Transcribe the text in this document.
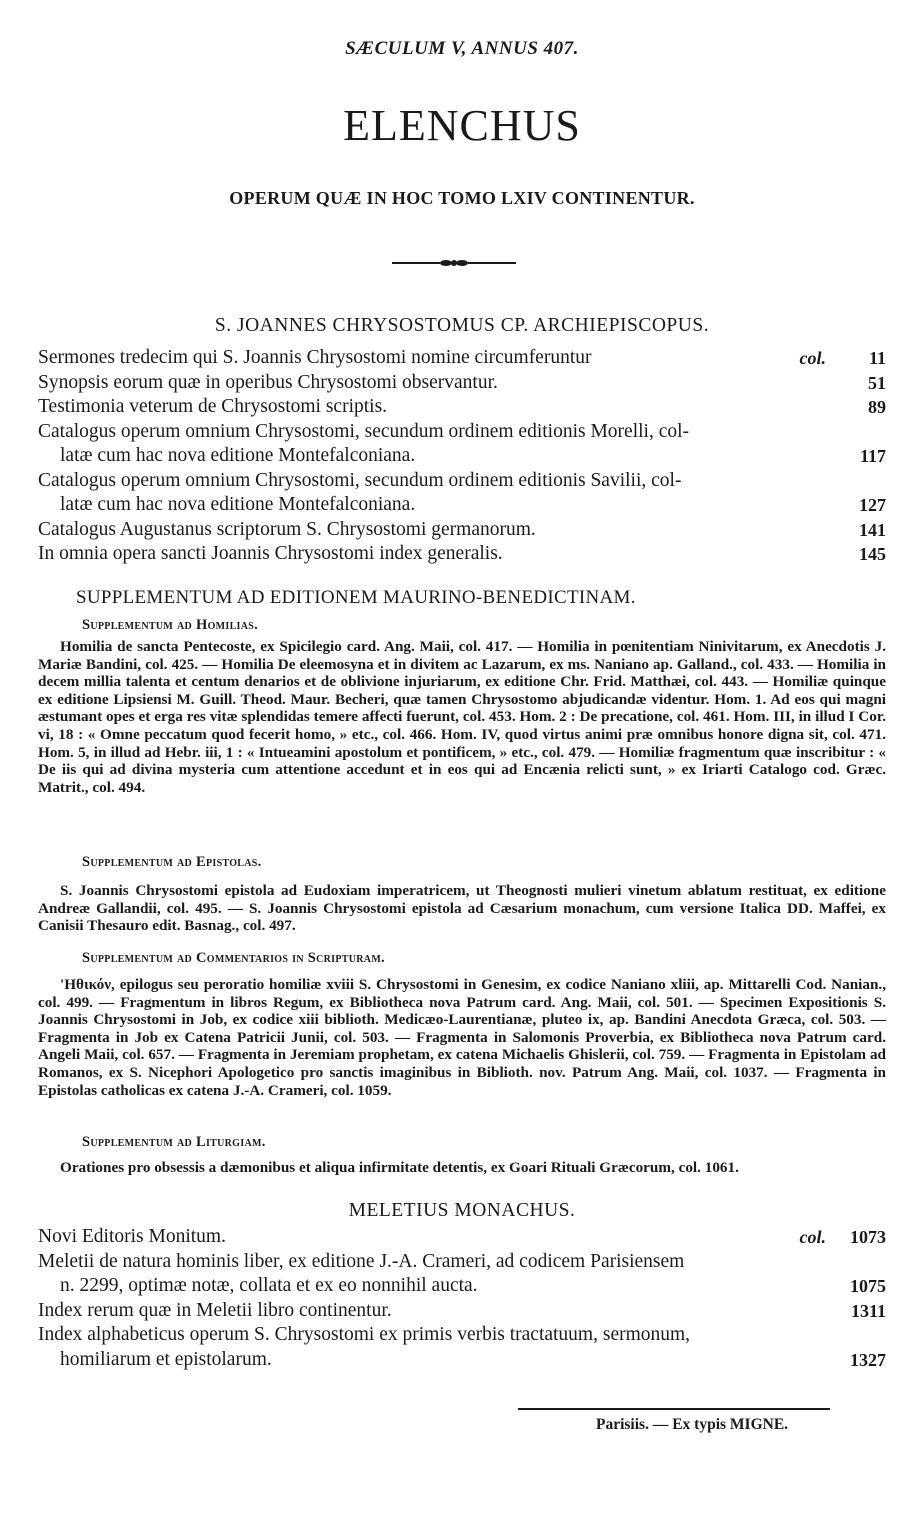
SÆCULUM V, ANNUS 407.
ELENCHUS
OPERUM QUÆ IN HOC TOMO LXIV CONTINENTUR.
S. JOANNES CHRYSOSTOMUS CP. ARCHIEPISCOPUS.
Sermones tredecim qui S. Joannis Chrysostomi nomine circumferuntur	col. 11
Synopsis eorum quæ in operibus Chrysostomi observantur.	51
Testimonia veterum de Chrysostomi scriptis.	89
Catalogus operum omnium Chrysostomi, secundum ordinem editionis Morelli, col-
latæ cum hac nova editione Montefalconiana.	117
Catalogus operum omnium Chrysostomi, secundum ordinem editionis Savilii, col-
latæ cum hac nova editione Montefalconiana.	127
Catalogus Augustanus scriptorum S. Chrysostomi germanorum.	141
In omnia opera sancti Joannis Chrysostomi index generalis.	145
SUPPLEMENTUM AD EDITIONEM MAURINO-BENEDICTINAM.
Supplementum ad Homilias.

Homilia de sancta Pentecoste, ex Spicilegio card. Ang. Maii, col. 417. — Homilia in pœnitentiam Ninivitarum, ex Anecdotis J. Mariæ Bandini, col. 425. — Homilia De eleemosyna et in divitem ac Lazarum, ex ms. Naniano ap. Galland., col. 433. — Homilia in decem millia talenta et centum denarios et de oblivione injuriarum, ex editione Chr. Frid. Matthæi, col. 443. — Homiliæ quinque ex editione Lipsiensi M. Guill. Theod. Maur. Becheri, quæ tamen Chrysostomo abjudicandæ videntur. Hom. 1. Ad eos qui magni æstumant opes et erga res vitæ splendidas temere affecti fuerunt, col. 453. Hom. 2 : De precatione, col. 461. Hom. III, in illud I Cor. vi, 18 : « Omne peccatum quod fecerit homo, » etc., col. 466. Hom. IV, quod virtus animi præ omnibus honore digna sit, col. 471. Hom. 5, in illud ad Hebr. iii, 1 : « Intueamini apostolum et pontificem, » etc., col. 479. — Homiliæ fragmentum quæ inscribitur : « De iis qui ad divina mysteria cum attentione accedunt et in eos qui ad Encænia relicti sunt, » ex Iriarti Catalogo cod. Græc. Matrit., col. 494.

Supplementum ad Epistolas.

S. Joannis Chrysostomi epistola ad Eudoxiam imperatricem, ut Theognosti mulieri vinetum ablatum restituat, ex editione Andreæ Gallandii, col. 495. — S. Joannis Chrysostomi epistola ad Cæsarium monachum, cum versione Italica DD. Maffei, ex Canisii Thesauro edit. Basnag., col. 497.

Supplementum ad Commentarios in Scripturam.

'Hθικόν, epilogus seu peroratio homiliæ xviii S. Chrysostomi in Genesim, ex codice Naniano xliii, ap. Mittarelli Cod. Nanian., col. 499. — Fragmentum in libros Regum, ex Bibliotheca nova Patrum card. Ang. Maii, col. 501. — Specimen Expositionis S. Joannis Chrysostomi in Job, ex codice xiii biblioth. Medicæo-Laurentianæ, pluteo ix, ap. Bandini Anecdota Græca, col. 503. — Fragmenta in Job ex Catena Patricii Junii, col. 503. — Fragmenta in Salomonis Proverbia, ex Bibliotheca nova Patrum card. Angeli Maii, col. 657. — Fragmenta in Jeremiam prophetam, ex catena Michaelis Ghislerii, col. 759. — Fragmenta in Epistolam ad Romanos, ex S. Nicephori Apologetico pro sanctis imaginibus in Biblioth. nov. Patrum Ang. Maii, col. 1037. — Fragmenta in Epistolas catholicas ex catena J.-A. Crameri, col. 1059.

Supplementum ad Liturgiam.

Orationes pro obsessis a dæmonibus et aliqua infirmitate detentis, ex Goari Rituali Græcorum, col. 1061.

MELETIUS MONACHUS.
Novi Editoris Monitum.	col. 1073
Meletii de natura hominis liber, ex editione J.-A. Crameri, ad codicem Parisiensem
n. 2299, optimæ notæ, collata et ex eo nonnihil aucta.	1075
Index rerum quæ in Meletii libro continentur.	1311
Index alphabeticus operum S. Chrysostomi ex primis verbis tractatuum, sermonum,
homiliarum et epistolarum.	1327
Parisiis. — Ex typis MIGNE.
